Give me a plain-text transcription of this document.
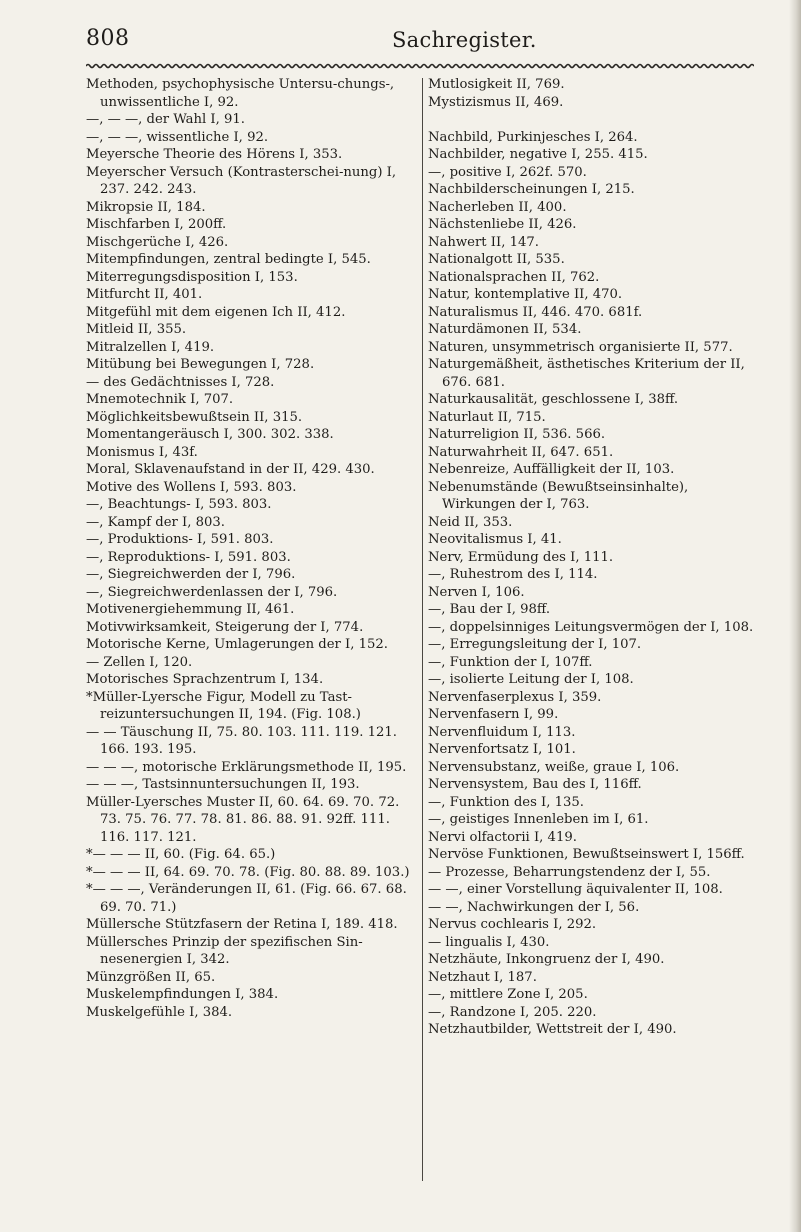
808	Sachregister.
Methoden, psychophysische Untersu-chungs-, unwissentliche I, 92.
—, — —, der Wahl I, 91.
—, — —, wissentliche I, 92.
Meyersche Theorie des Hörens I, 353.
Meyerscher Versuch (Kontrasterschei-nung) I, 237. 242. 243.
Mikropsie II, 184.
Mischfarben I, 200ff.
Mischgerüche I, 426.
Mitempfindungen, zentral bedingte I, 545.
Miterregungsdisposition I, 153.
Mitfurcht II, 401.
Mitgefühl mit dem eigenen Ich II, 412.
Mitleid II, 355.
Mitralzellen I, 419.
Mitübung bei Bewegungen I, 728.
— des Gedächtnisses I, 728.
Mnemotechnik I, 707.
Möglichkeitsbewußtsein II, 315.
Momentangeräusch I, 300. 302. 338.
Monismus I, 43f.
Moral, Sklavenaufstand in der II, 429. 430.
Motive des Wollens I, 593. 803.
—, Beachtungs- I, 593. 803.
—, Kampf der I, 803.
—, Produktions- I, 591. 803.
—, Reproduktions- I, 591. 803.
—, Siegreichwerden der I, 796.
—, Siegreichwerdenlassen der I, 796.
Motivenergiehemmung II, 461.
Motivwirksamkeit, Steigerung der I, 774.
Motorische Kerne, Umlagerungen der I, 152.
— Zellen I, 120.
Motorisches Sprachzentrum I, 134.
*Müller-Lyersche Figur, Modell zu Tast-reizuntersuchungen II, 194. (Fig. 108.)
— — Täuschung II, 75. 80. 103. 111. 119. 121. 166. 193. 195.
— — —, motorische Erklärungsmethode II, 195.
— — —, Tastsinnuntersuchungen II, 193.
Müller-Lyersches Muster II, 60. 64. 69. 70. 72. 73. 75. 76. 77. 78. 81. 86. 88. 91. 92ff. 111. 116. 117. 121.
*— — — II, 60. (Fig. 64. 65.)
*— — — II, 64. 69. 70. 78. (Fig. 80. 88. 89. 103.)
*— — —, Veränderungen II, 61. (Fig. 66. 67. 68. 69. 70. 71.)
Müllersche Stützfasern der Retina I, 189. 418.
Müllersches Prinzip der spezifischen Sin-nesenergien I, 342.
Münzgrößen II, 65.
Muskelempfindungen I, 384.
Muskelgefühle I, 384.
Mutlosigkeit II, 769.
Mystizismus II, 469.
Nachbild, Purkinjesches I, 264.
Nachbilder, negative I, 255. 415.
—, positive I, 262f. 570.
Nachbilderscheinungen I, 215.
Nacherleben II, 400.
Nächstenliebe II, 426.
Nahwert II, 147.
Nationalgott II, 535.
Nationalsprachen II, 762.
Natur, kontemplative II, 470.
Naturalismus II, 446. 470. 681f.
Naturdämonen II, 534.
Naturen, unsymmetrisch organisierte II, 577.
Naturgemäßheit, ästhetisches Kriterium der II, 676. 681.
Naturkausalität, geschlossene I, 38ff.
Naturlaut II, 715.
Naturreligion II, 536. 566.
Naturwahrheit II, 647. 651.
Nebenreize, Auffälligkeit der II, 103.
Nebenumstände (Bewußtseinsinhalte), Wirkungen der I, 763.
Neid II, 353.
Neovitalismus I, 41.
Nerv, Ermüdung des I, 111.
—, Ruhestrom des I, 114.
Nerven I, 106.
—, Bau der I, 98ff.
—, doppelsinniges Leitungsvermögen der I, 108.
—, Erregungsleitung der I, 107.
—, Funktion der I, 107ff.
—, isolierte Leitung der I, 108.
Nervenfaserplexus I, 359.
Nervenfasern I, 99.
Nervenfluidum I, 113.
Nervenfortsatz I, 101.
Nervensubstanz, weiße, graue I, 106.
Nervensystem, Bau des I, 116ff.
—, Funktion des I, 135.
—, geistiges Innenleben im I, 61.
Nervi olfactorii I, 419.
Nervöse Funktionen, Bewußtseinswert I, 156ff.
— Prozesse, Beharrungstendenz der I, 55.
— —, einer Vorstellung äquivalenter II, 108.
— —, Nachwirkungen der I, 56.
Nervus cochlearis I, 292.
— lingualis I, 430.
Netzhäute, Inkongruenz der I, 490.
Netzhaut I, 187.
—, mittlere Zone I, 205.
—, Randzone I, 205. 220.
Netzhautbilder, Wettstreit der I, 490.
